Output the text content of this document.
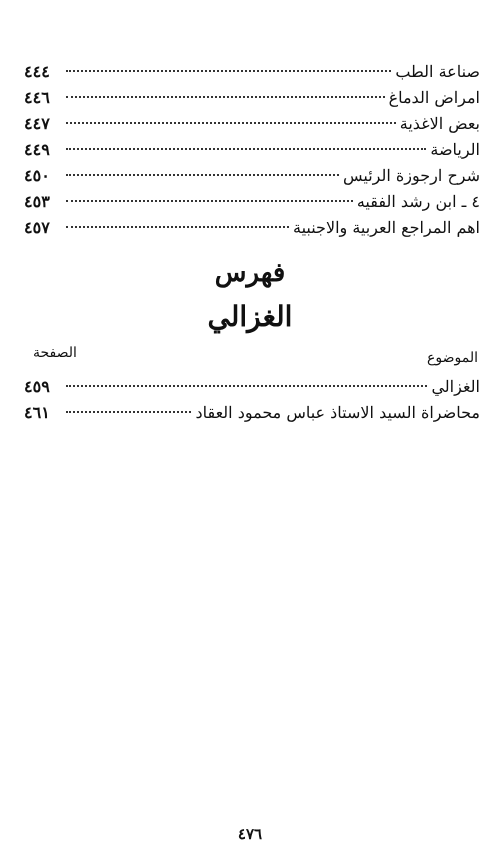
صناعة الطب
٤٤٤
امراض الدماغ
٤٤٦
بعض الاغذية
٤٤٧
الرياضة
٤٤٩
شرح ارجوزة الرئيس
٤٥٠
٤ ـ ابن رشد الفقيه
٤٥٣
اهم المراجع العربية والاجنبية
٤٥٧
فهرس
الغزالي
الموضوع
الصفحة
الغزالي
٤٥٩
محاضراة السيد الاستاذ عباس محمود العقاد
٤٦١
٤٧٦
